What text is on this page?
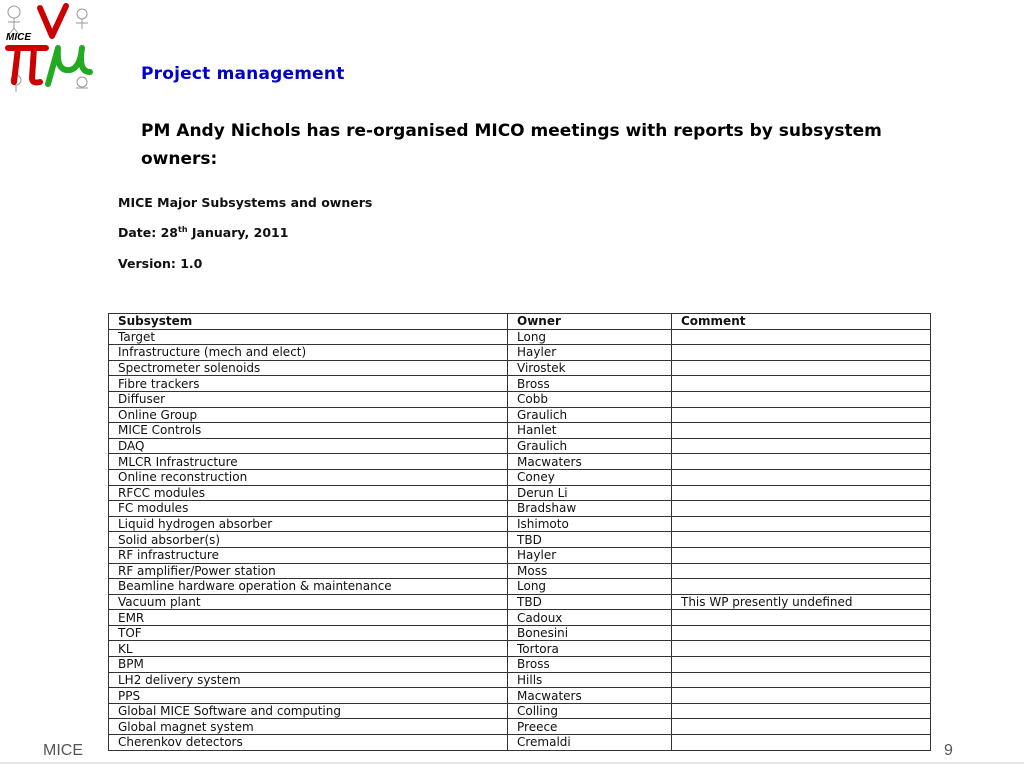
MICE
Project management
PM Andy Nichols has re-organised MICO meetings with reports by subsystem owners:
MICE Major Subsystems and owners
Date: 28th January, 2011
Version: 1.0
Subsystem	Owner	Comment
Target	Long	
Infrastructure (mech and elect)	Hayler	
Spectrometer solenoids	Virostek	
Fibre trackers	Bross	
Diffuser	Cobb	
Online Group	Graulich	
MICE Controls	Hanlet	
DAQ	Graulich	
MLCR Infrastructure	Macwaters	
Online reconstruction	Coney	
RFCC modules	Derun Li	
FC modules	Bradshaw	
Liquid hydrogen absorber	Ishimoto	
Solid absorber(s)	TBD	
RF infrastructure	Hayler	
RF amplifier/Power station	Moss	
Beamline hardware operation & maintenance	Long	
Vacuum plant	TBD	This WP presently undefined
EMR	Cadoux	
TOF	Bonesini	
KL	Tortora	
BPM	Bross	
LH2 delivery system	Hills	
PPS	Macwaters	
Global MICE Software and computing	Colling	
Global magnet system	Preece	
Cherenkov detectors	Cremaldi	
MICE	9
